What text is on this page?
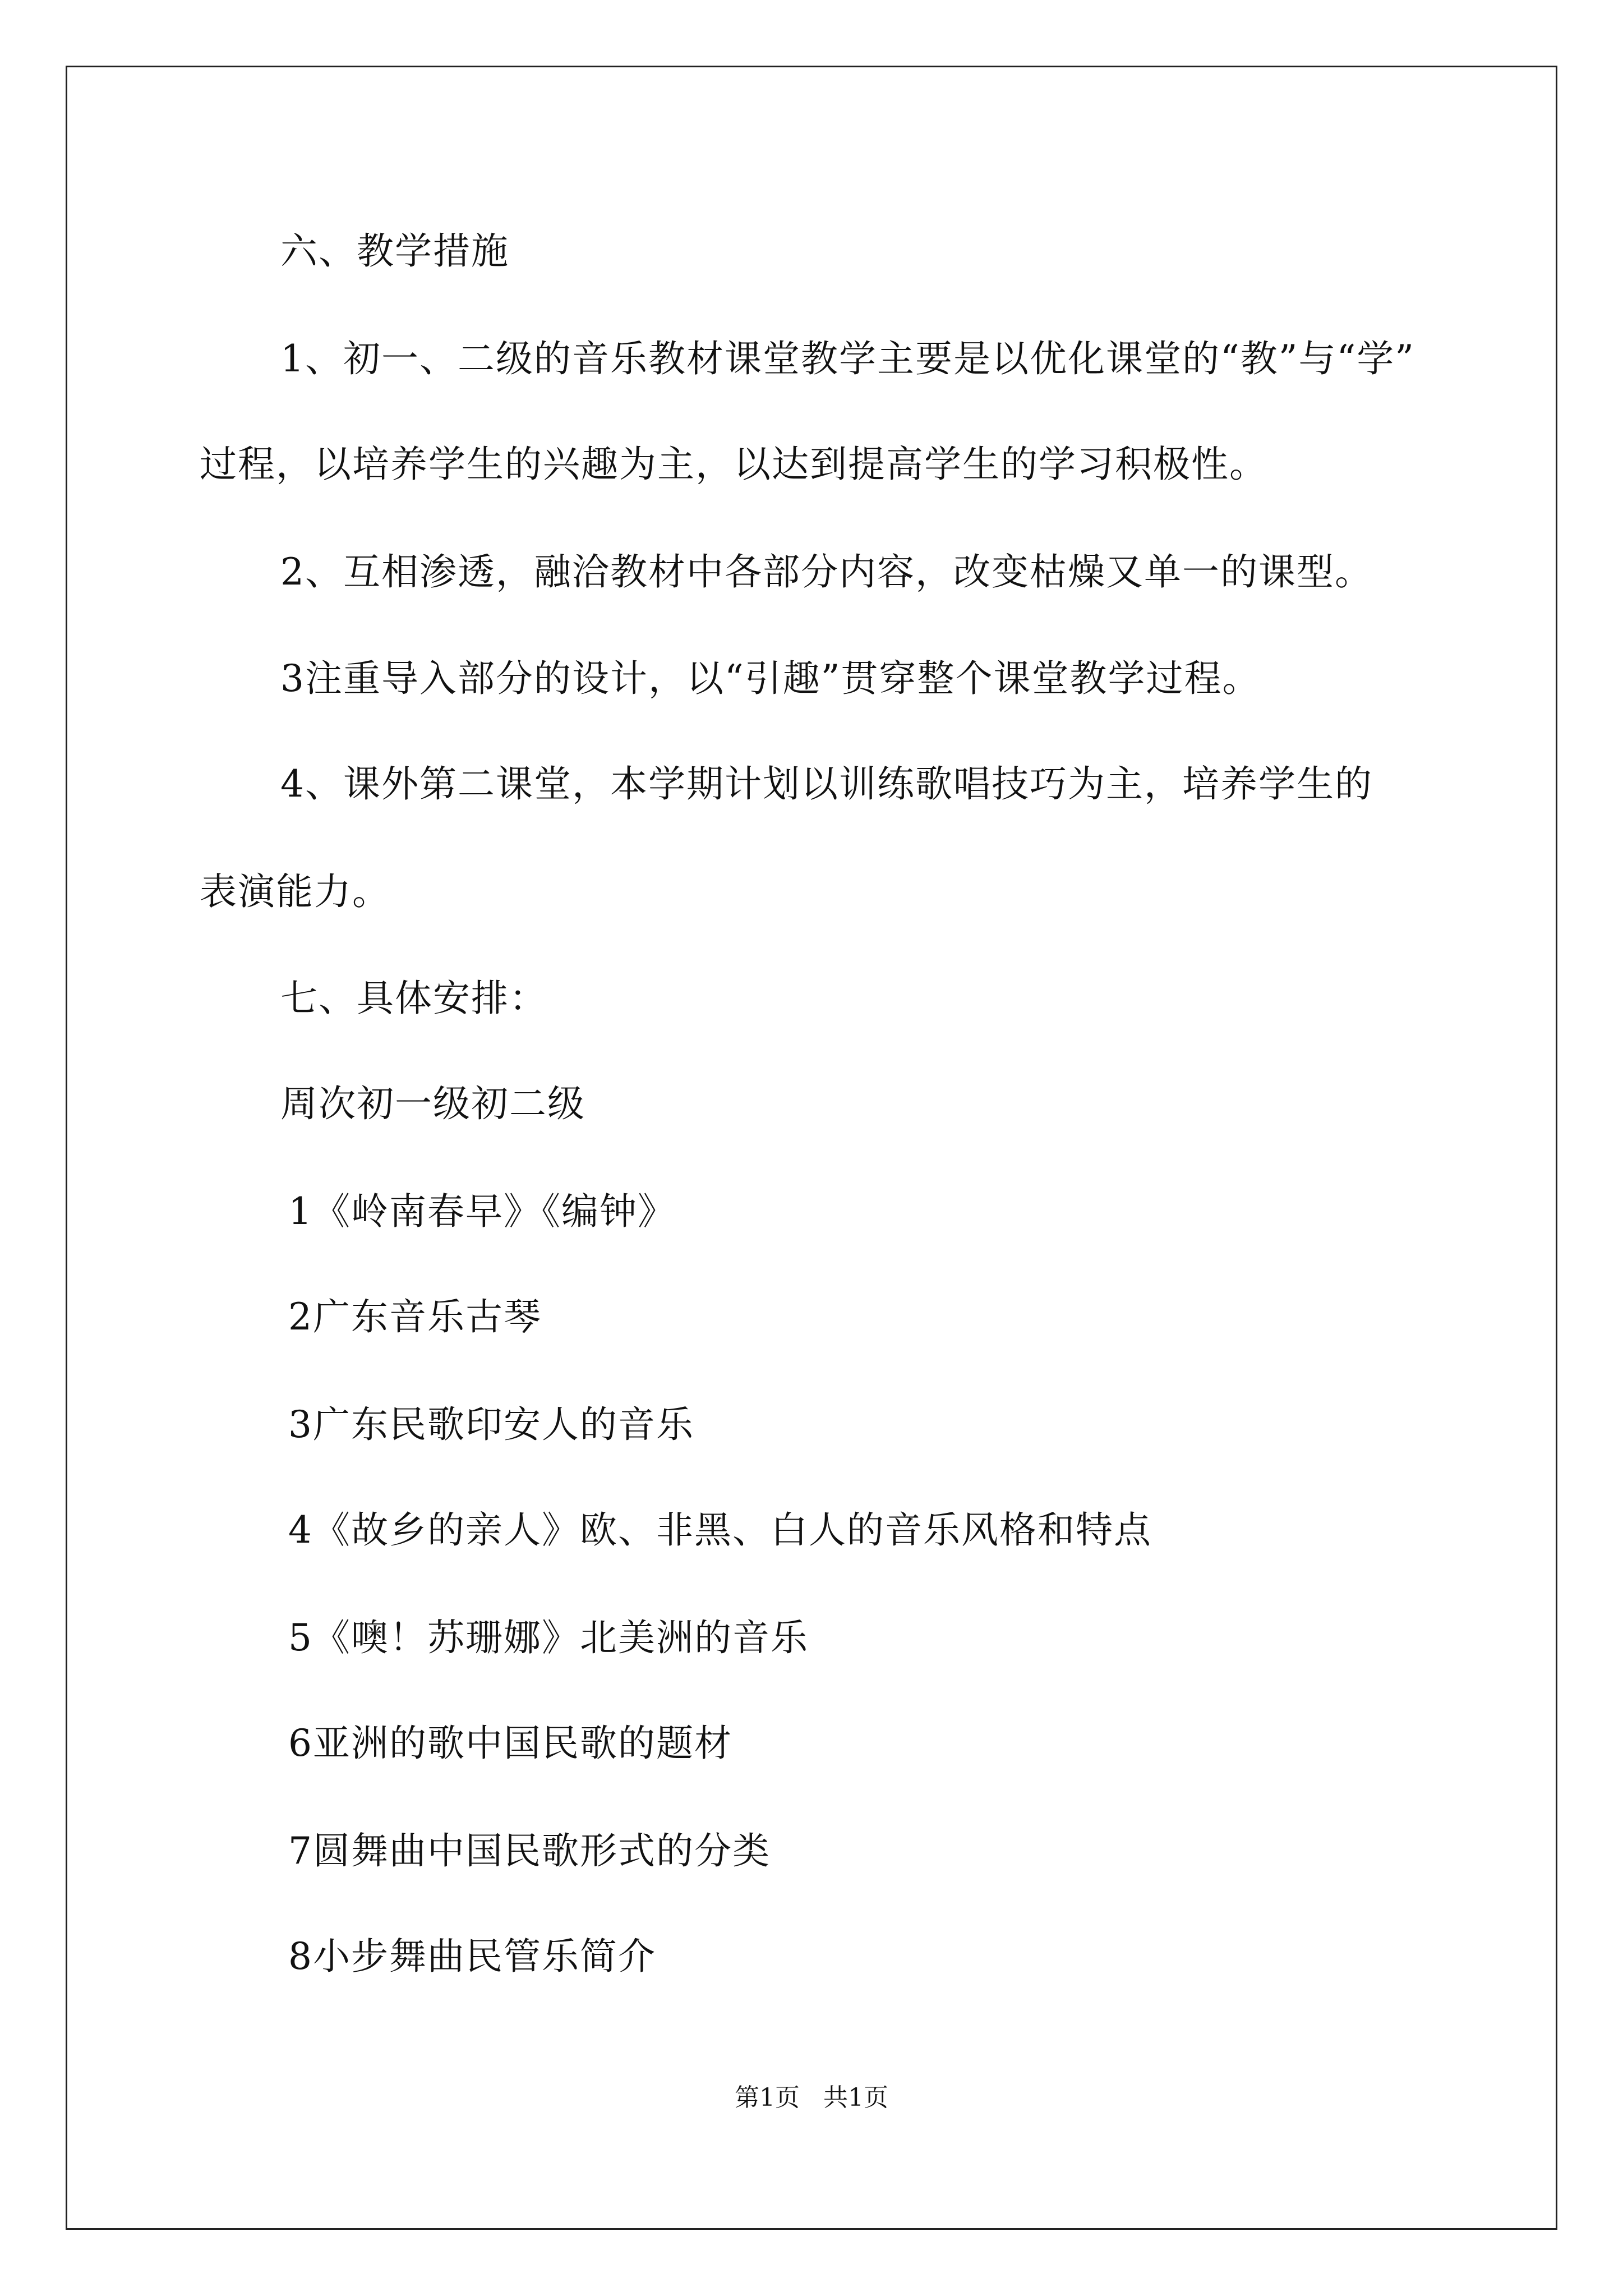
六、教学措施

1、初一、二级的音乐教材课堂教学主要是以优化课堂的“教”与“学”

过程，以培养学生的兴趣为主，以达到提高学生的学习积极性。

2、互相渗透，融洽教材中各部分内容，改变枯燥又单一的课型。

3注重导入部分的设计，以“引趣”贯穿整个课堂教学过程。

4、课外第二课堂，本学期计划以训练歌唱技巧为主，培养学生的

表演能力。

七、具体安排：

周次初一级初二级

1《岭南春早》《编钟》

2广东音乐古琴

3广东民歌印安人的音乐

4《故乡的亲人》欧、非黑、白人的音乐风格和特点

5《噢！苏珊娜》北美洲的音乐

6亚洲的歌中国民歌的题材

7圆舞曲中国民歌形式的分类

8小步舞曲民管乐简介

第1页   共1页
